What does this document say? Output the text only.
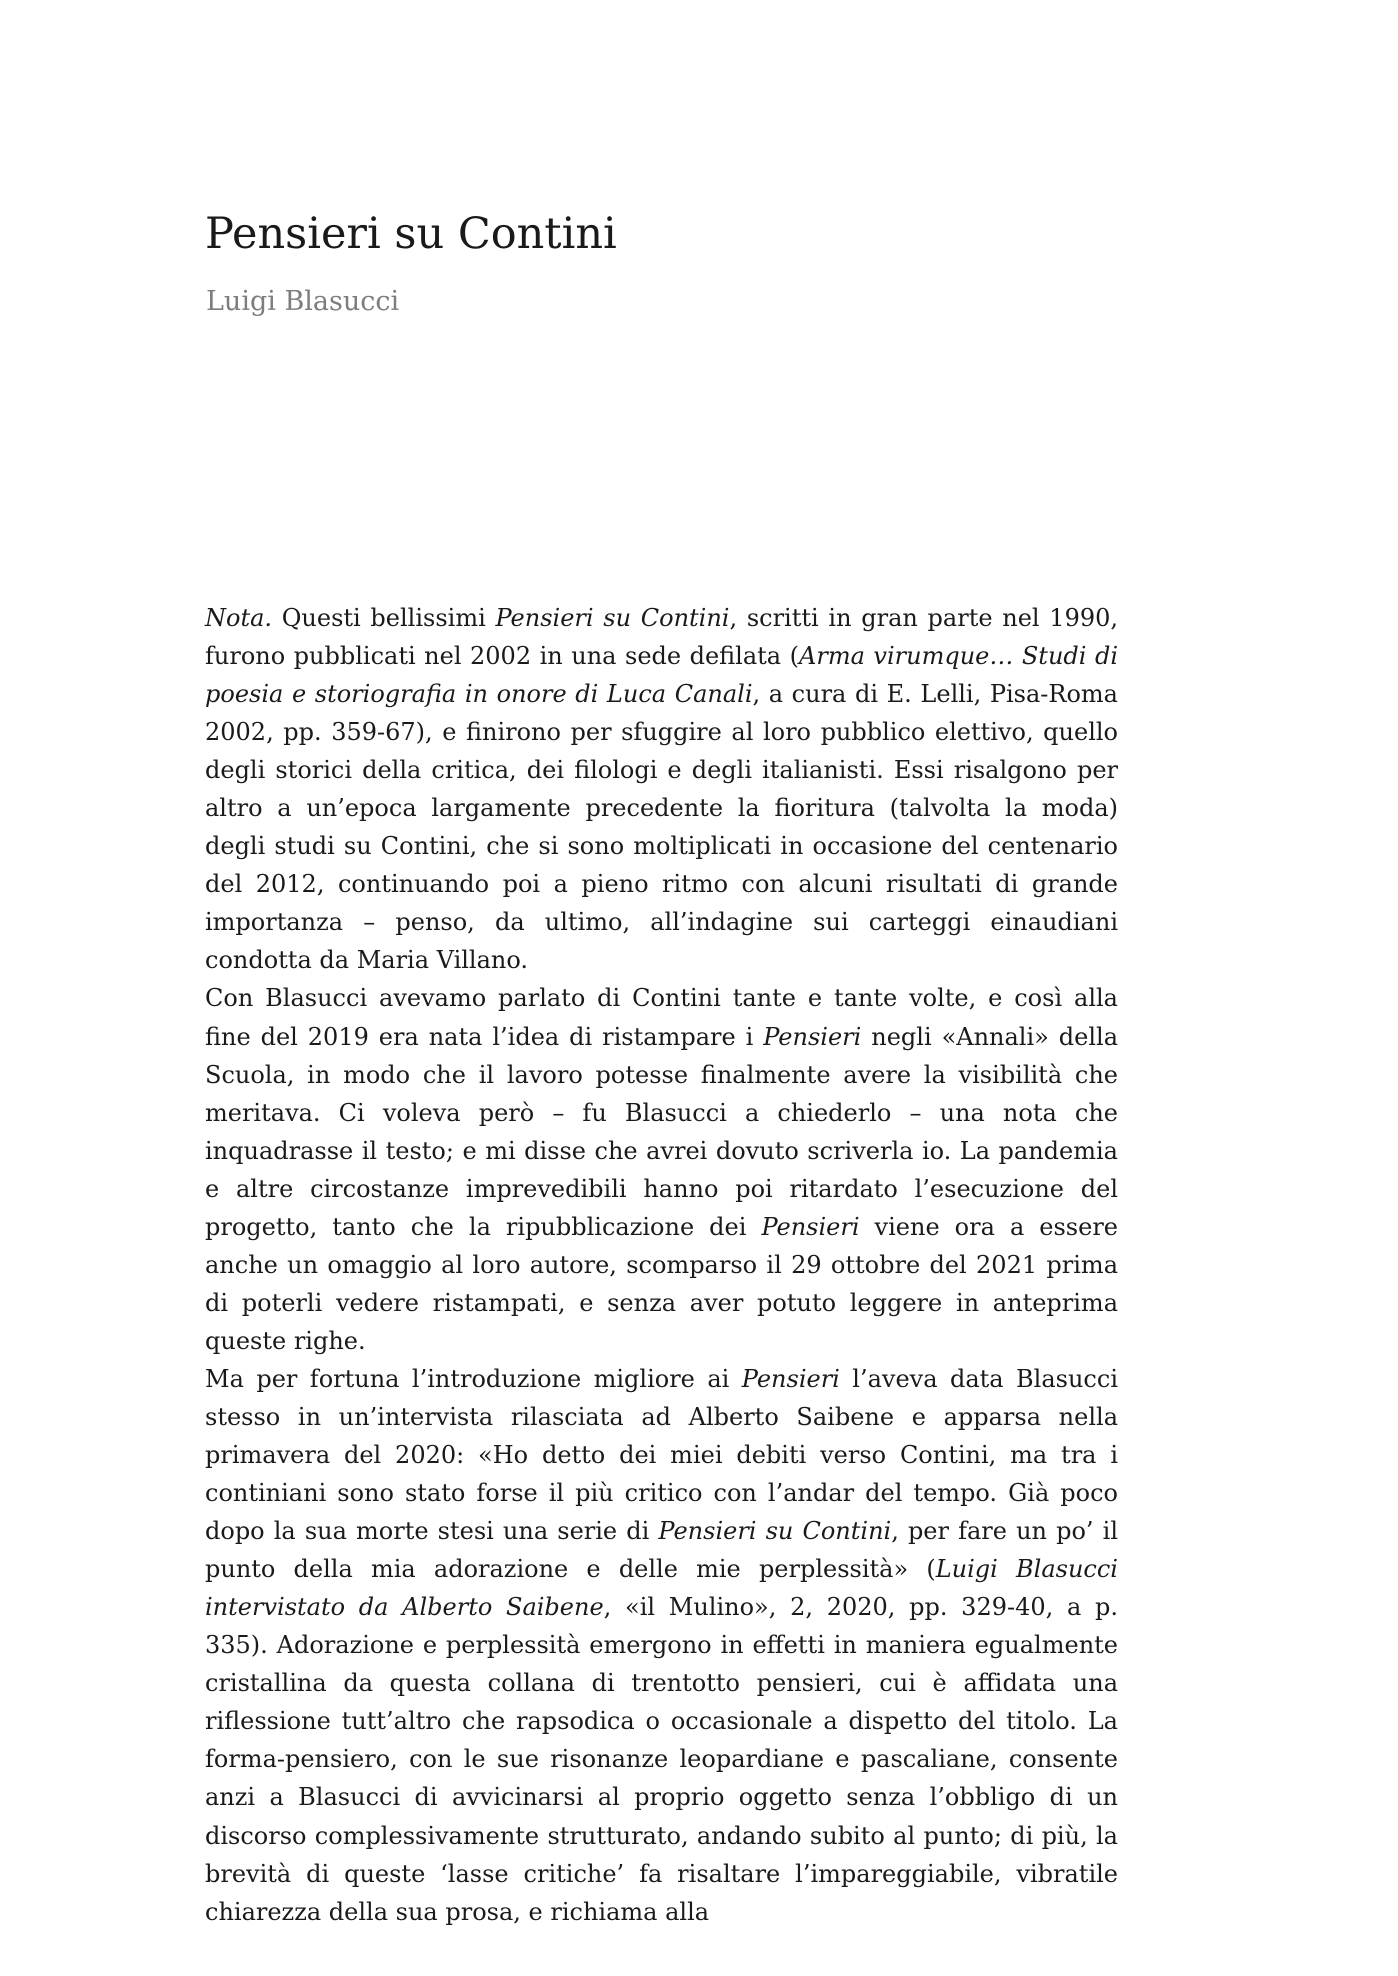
Pensieri su Contini
Luigi Blasucci

Nota. Questi bellissimi Pensieri su Contini, scritti in gran parte nel 1990, furono pubblicati nel 2002 in una sede defilata (Arma virumque… Studi di poesia e storiografia in onore di Luca Canali, a cura di E. Lelli, Pisa-Roma 2002, pp. 359-67), e finirono per sfuggire al loro pubblico elettivo, quello degli storici della critica, dei filologi e degli italianisti. Essi risalgono per altro a un’epoca largamente precedente la fioritura (talvolta la moda) degli studi su Contini, che si sono moltiplicati in occasione del centenario del 2012, continuando poi a pieno ritmo con alcuni risultati di grande importanza – penso, da ultimo, all’indagine sui carteggi einaudiani condotta da Maria Villano.

Con Blasucci avevamo parlato di Contini tante e tante volte, e così alla fine del 2019 era nata l’idea di ristampare i Pensieri negli «Annali» della Scuola, in modo che il lavoro potesse finalmente avere la visibilità che meritava. Ci voleva però – fu Blasucci a chiederlo – una nota che inquadrasse il testo; e mi disse che avrei dovuto scriverla io. La pandemia e altre circostanze imprevedibili hanno poi ritardato l’esecuzione del progetto, tanto che la ripubblicazione dei Pensieri viene ora a essere anche un omaggio al loro autore, scomparso il 29 ottobre del 2021 prima di poterli vedere ristampati, e senza aver potuto leggere in anteprima queste righe.

Ma per fortuna l’introduzione migliore ai Pensieri l’aveva data Blasucci stesso in un’intervista rilasciata ad Alberto Saibene e apparsa nella primavera del 2020: «Ho detto dei miei debiti verso Contini, ma tra i continiani sono stato forse il più critico con l’andar del tempo. Già poco dopo la sua morte stesi una serie di Pensieri su Contini, per fare un po’ il punto della mia adorazione e delle mie perplessità» (Luigi Blasucci intervistato da Alberto Saibene, «il Mulino», 2, 2020, pp. 329-40, a p. 335). Adorazione e perplessità emergono in effetti in maniera egualmente cristallina da questa collana di trentotto pensieri, cui è affidata una riflessione tutt’altro che rapsodica o occasionale a dispetto del titolo. La forma-pensiero, con le sue risonanze leopardiane e pascaliane, consente anzi a Blasucci di avvicinarsi al proprio oggetto senza l’obbligo di un discorso complessivamente strutturato, andando subito al punto; di più, la brevità di queste ‘lasse critiche’ fa risaltare l’impareggiabile, vibratile chiarezza della sua prosa, e richiama alla
